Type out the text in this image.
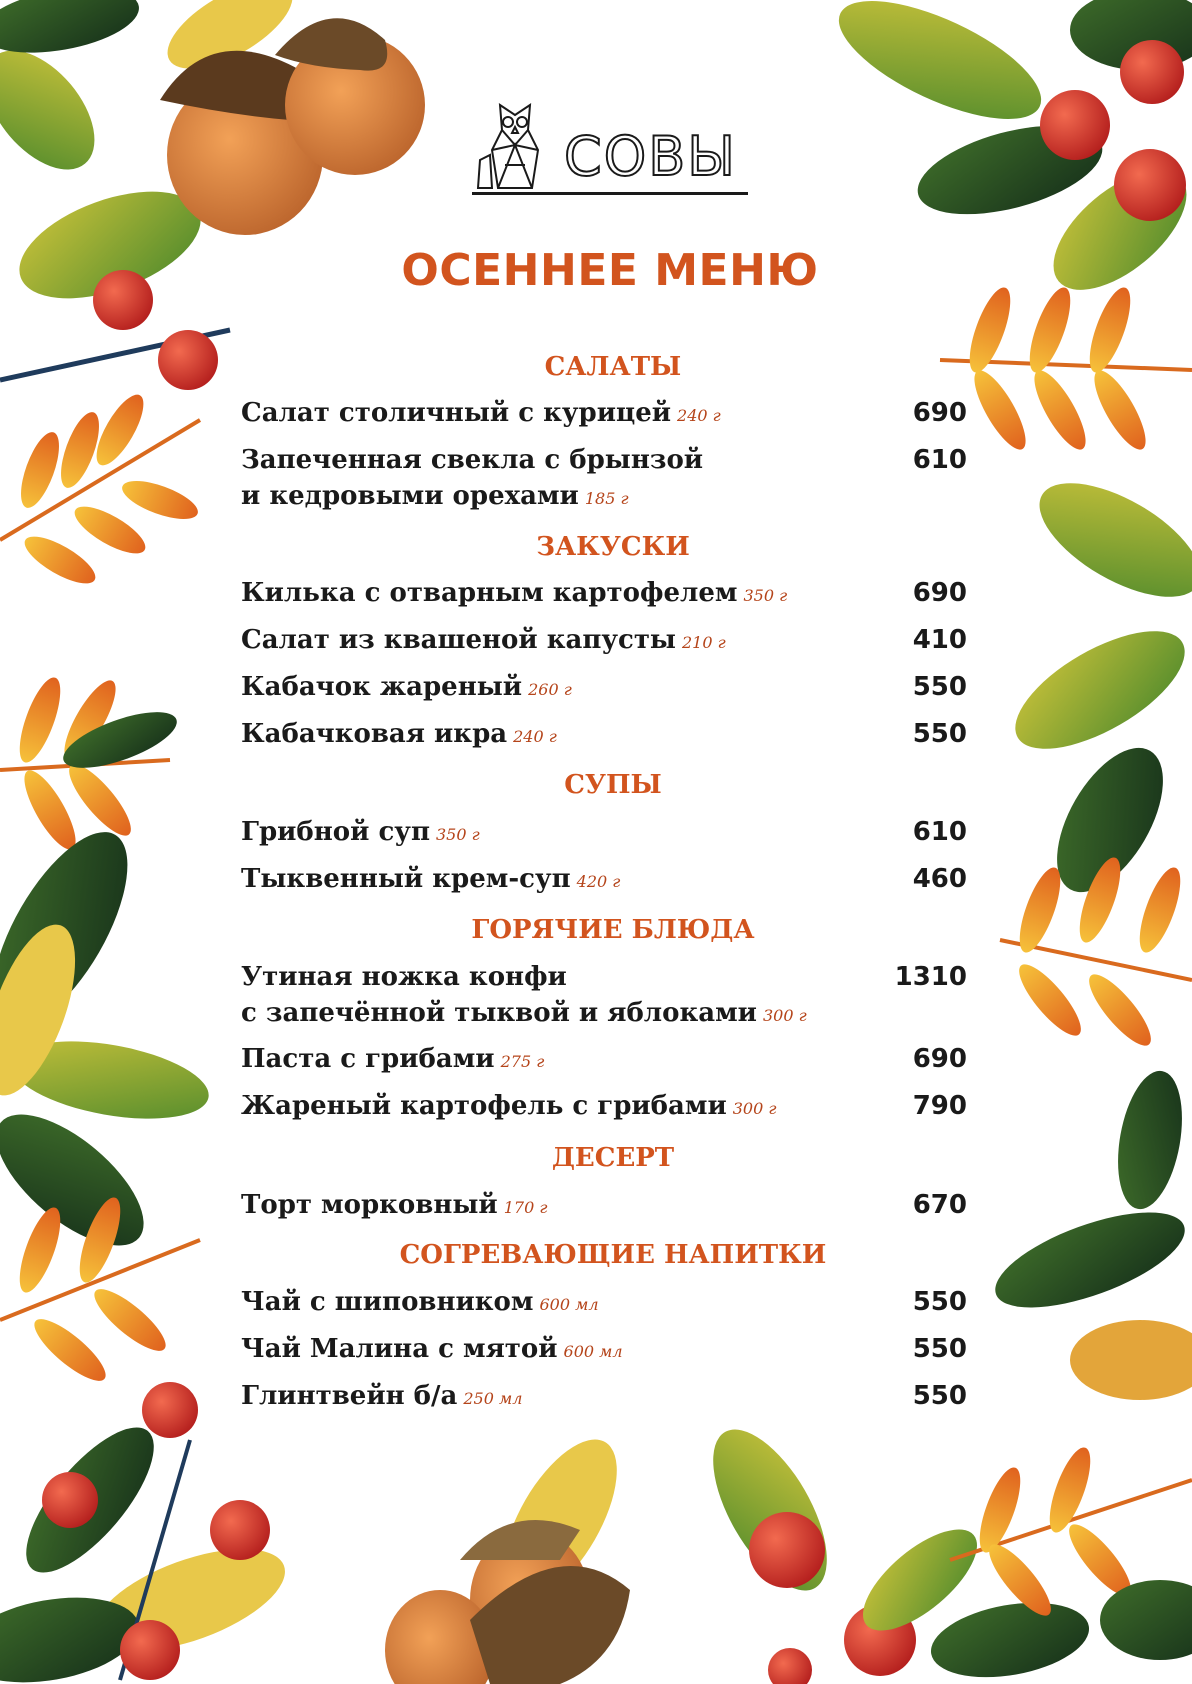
СОВЫ
ОСЕННЕЕ МЕНЮ
САЛАТЫ
Салат столичный с курицей 240 г	690
Запеченная свекла с брынзой
и кедровыми орехами 185 г
610
ЗАКУСКИ
Килька с отварным картофелем 350 г	690
Салат из квашеной капусты 210 г	410
Кабачок жареный 260 г	550
Кабачковая икра 240 г	550
СУПЫ
Грибной суп 350 г	610
Тыквенный крем-суп 420 г	460
ГОРЯЧИЕ БЛЮДА
Утиная ножка конфи
с запечённой тыквой и яблоками 300 г
1310
Паста с грибами 275 г	690
Жареный картофель с грибами 300 г	790
ДЕСЕРТ
Торт морковный 170 г	670
СОГРЕВАЮЩИЕ НАПИТКИ
Чай с шиповником 600 мл	550
Чай Малина с мятой 600 мл	550
Глинтвейн б/а 250 мл	550
